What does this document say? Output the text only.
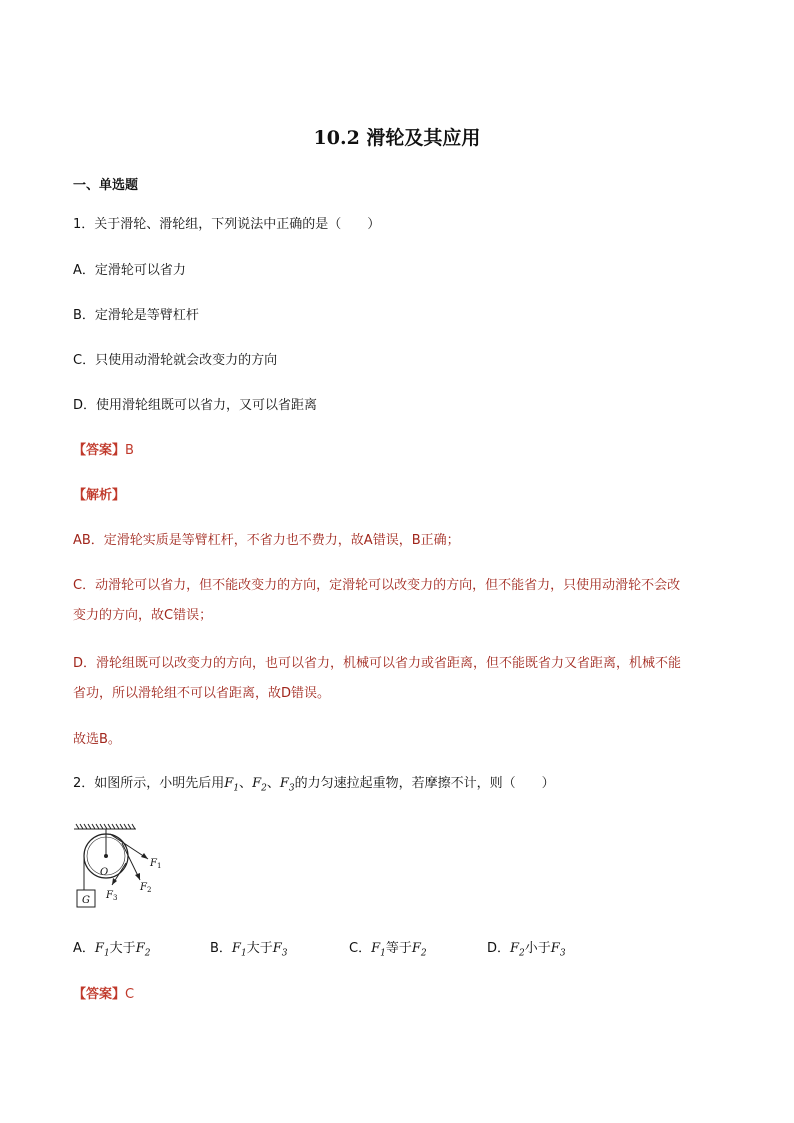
10.2 滑轮及其应用
一、单选题
1．关于滑轮、滑轮组，下列说法中正确的是（　　）
A．定滑轮可以省力
B．定滑轮是等臂杠杆
C．只使用动滑轮就会改变力的方向
D．使用滑轮组既可以省力，又可以省距离
【答案】B
【解析】
AB．定滑轮实质是等臂杠杆，不省力也不费力，故A错误，B正确；
C．动滑轮可以省力，但不能改变力的方向，定滑轮可以改变力的方向，但不能省力，只使用动滑轮不会改
变力的方向，故C错误；
D．滑轮组既可以改变力的方向，也可以省力，机械可以省力或省距离，但不能既省力又省距离，机械不能
省功，所以滑轮组不可以省距离，故D错误。
故选B。
2．如图所示，小明先后用$F_1$、$F_2$、$F_3$的力匀速拉起重物，若摩擦不计，则（　　）
O
G
$F_1$
$F_2$
$F_3$
A．$F_1$大于$F_2$	B．$F_1$大于$F_3$	C．$F_1$等于$F_2$	D．$F_2$小于$F_3$
【答案】C
